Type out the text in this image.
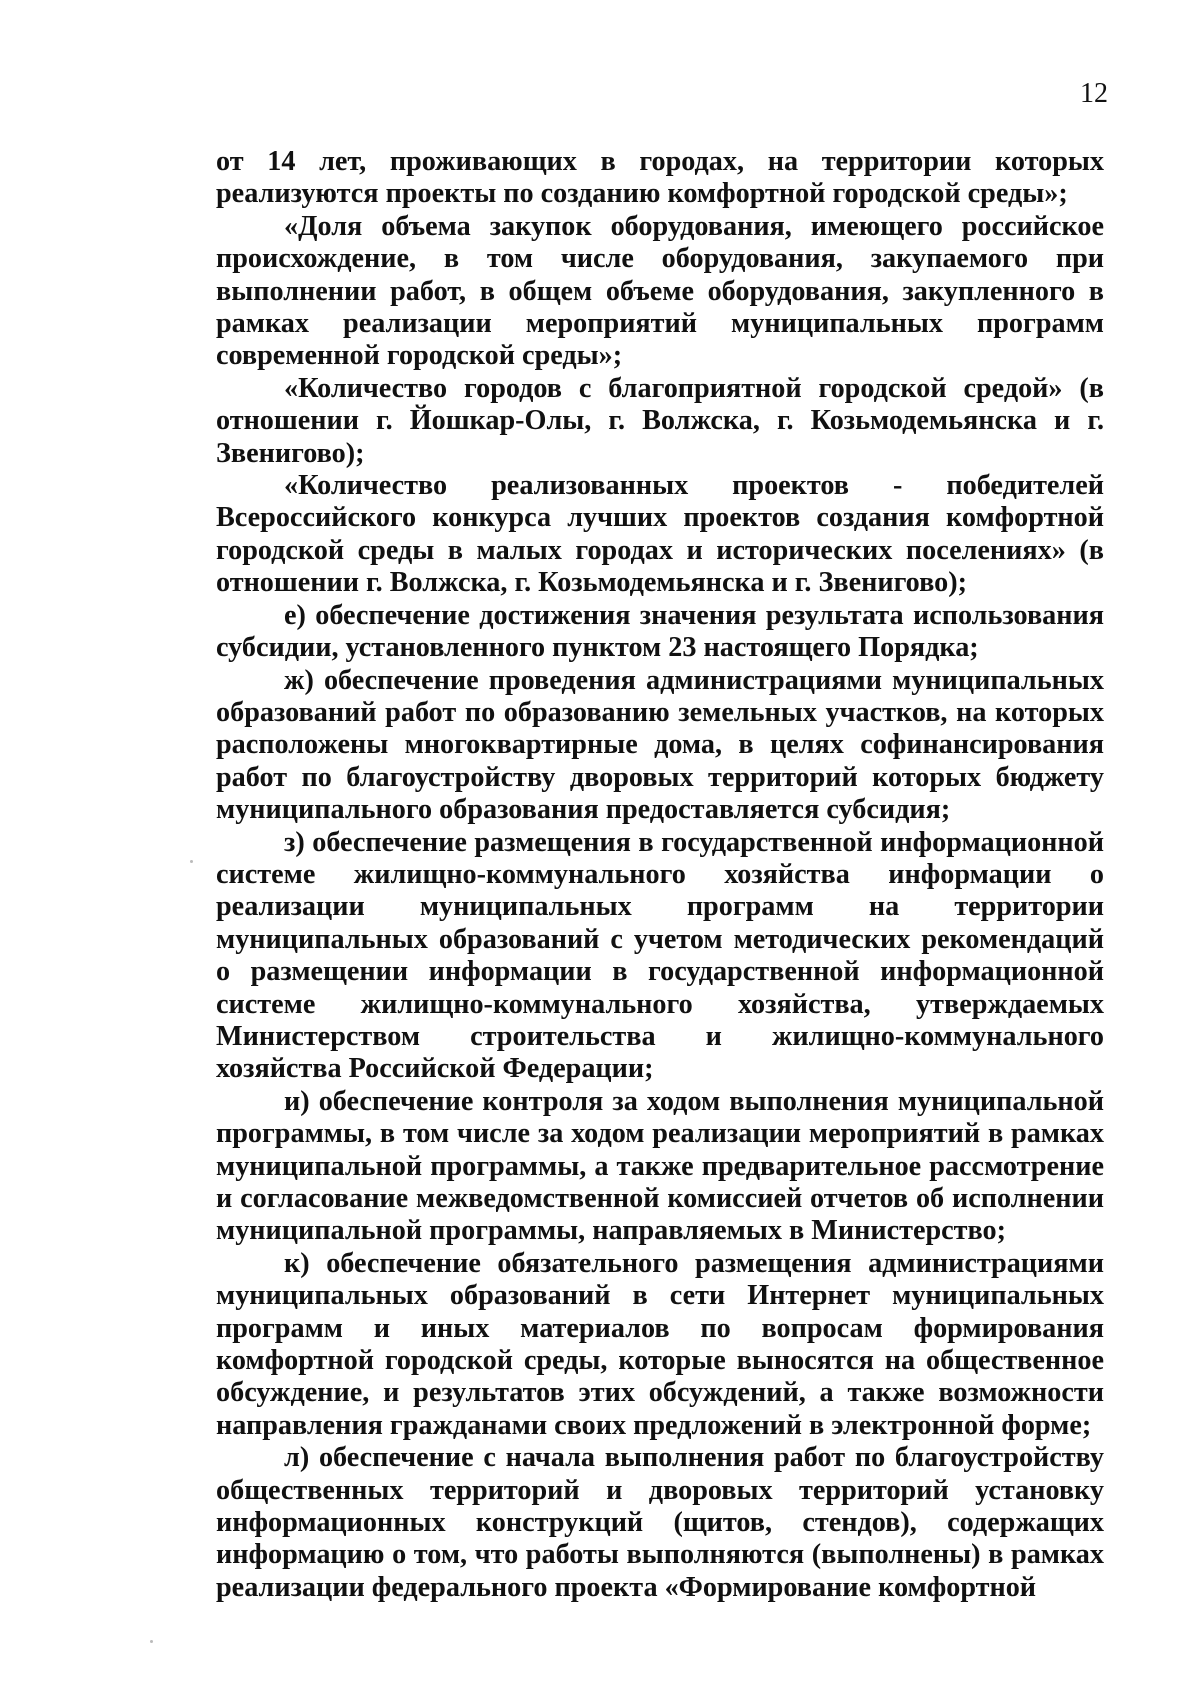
12

от 14 лет, проживающих в городах, на территории которых реализуются проекты по созданию комфортной городской среды»;

«Доля объема закупок оборудования, имеющего российское происхождение, в том числе оборудования, закупаемого при выполнении работ, в общем объеме оборудования, закупленного в рамках реализации мероприятий муниципальных программ современной городской среды»;

«Количество городов с благоприятной городской средой» (в отношении г. Йошкар-Олы, г. Волжска, г. Козьмодемьянска и г. Звенигово);

«Количество реализованных проектов - победителей Всероссийского конкурса лучших проектов создания комфортной городской среды в малых городах и исторических поселениях» (в отношении г. Волжска, г. Козьмодемьянска и г. Звенигово);

е) обеспечение достижения значения результата использования субсидии, установленного пунктом 23 настоящего Порядка;

ж) обеспечение проведения администрациями муниципальных образований работ по образованию земельных участков, на которых расположены многоквартирные дома, в целях софинансирования работ по благоустройству дворовых территорий которых бюджету муниципального образования предоставляется субсидия;

з) обеспечение размещения в государственной информационной системе жилищно-коммунального хозяйства информации о реализации муниципальных программ на территории муниципальных образований с учетом методических рекомендаций о размещении информации в государственной информационной системе жилищно-коммунального хозяйства, утверждаемых Министерством строительства и жилищно-коммунального хозяйства Российской Федерации;

и) обеспечение контроля за ходом выполнения муниципальной программы, в том числе за ходом реализации мероприятий в рамках муниципальной программы, а также предварительное рассмотрение и согласование межведомственной комиссией отчетов об исполнении муниципальной программы, направляемых в Министерство;

к) обеспечение обязательного размещения администрациями муниципальных образований в сети Интернет муниципальных программ и иных материалов по вопросам формирования комфортной городской среды, которые выносятся на общественное обсуждение, и результатов этих обсуждений, а также возможности направления гражданами своих предложений в электронной форме;

л) обеспечение с начала выполнения работ по благоустройству общественных территорий и дворовых территорий установку информационных конструкций (щитов, стендов), содержащих информацию о том, что работы выполняются (выполнены) в рамках реализации федерального проекта «Формирование комфортной
